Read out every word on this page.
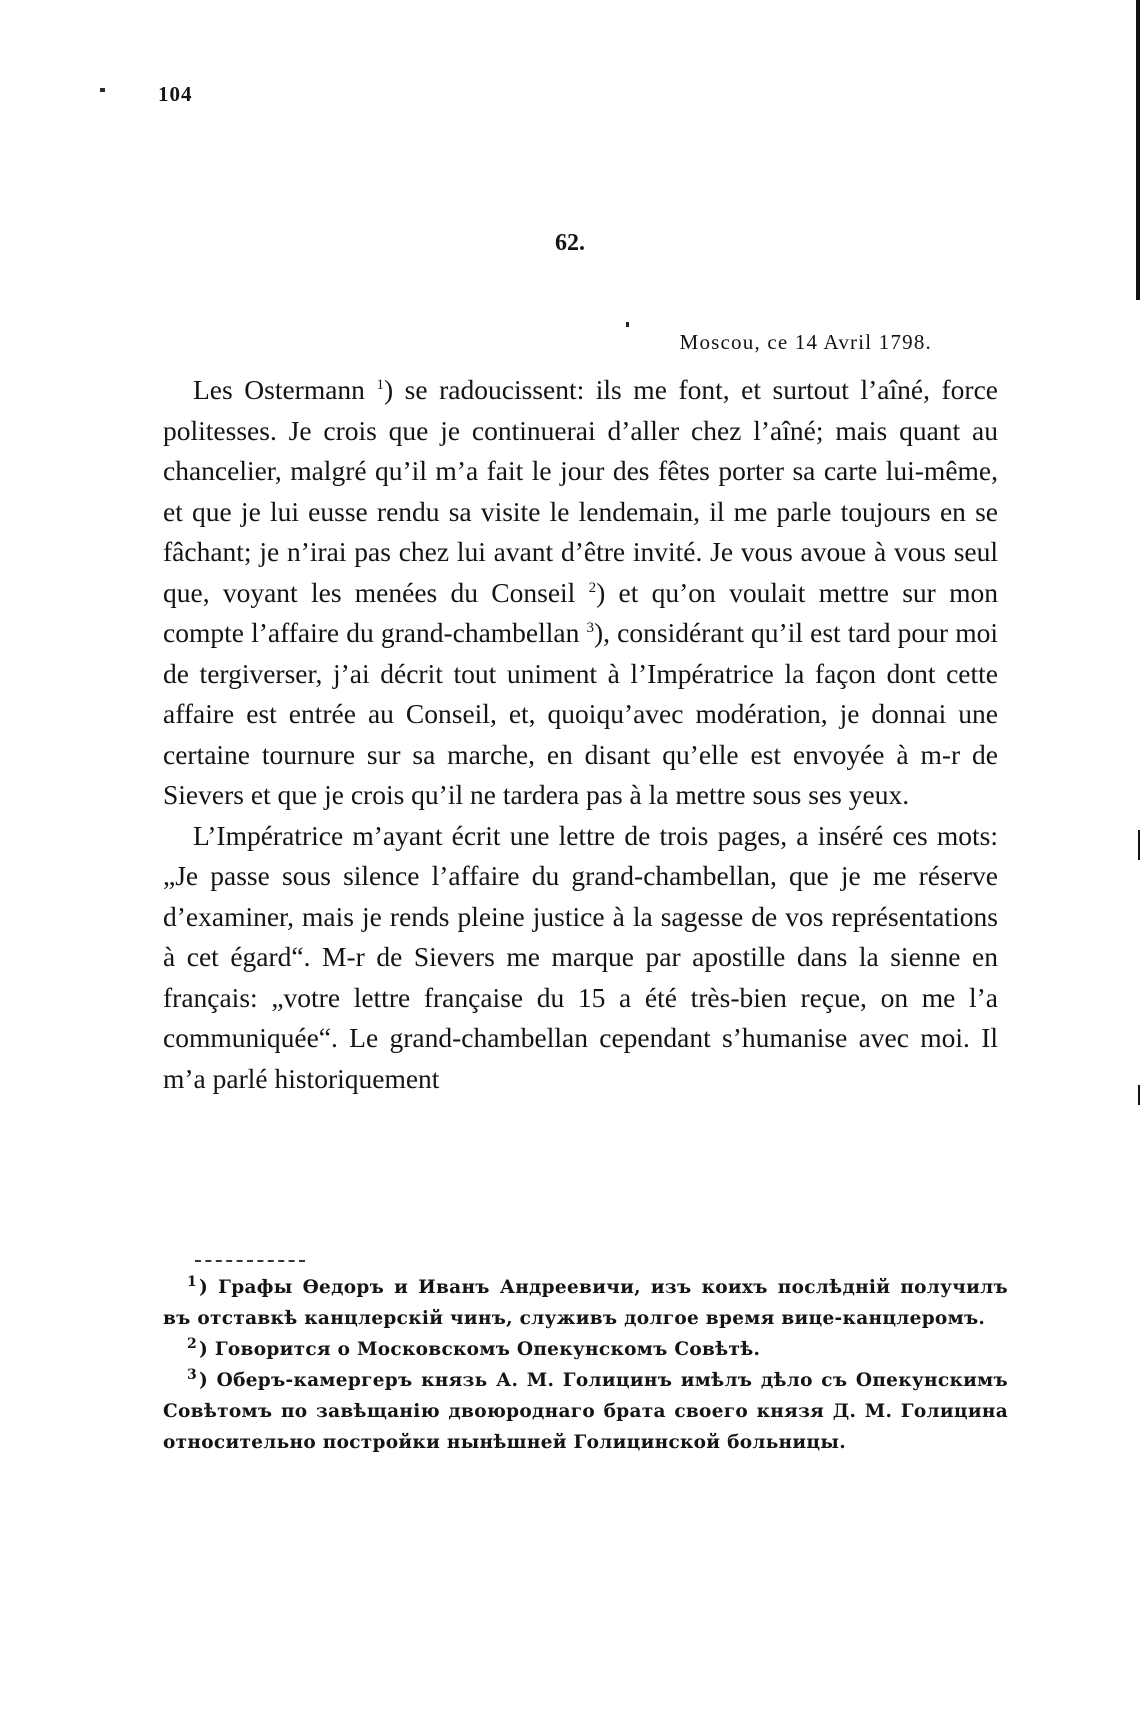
104
62.
Moscou, ce 14 Avril 1798.

Les Ostermann $^1$) se radoucissent: ils me font, et surtout l’aîné, force politesses. Je crois que je continuerai d’aller chez l’aîné; mais quant au chancelier, malgré qu’il m’a fait le jour des fêtes porter sa carte lui-même, et que je lui eusse rendu sa visite le lendemain, il me parle toujours en se fâchant; je n’irai pas chez lui avant d’être invité. Je vous avoue à vous seul que, voyant les menées du Conseil $^2$) et qu’on voulait mettre sur mon compte l’affaire du grand-chambellan $^3$), considérant qu’il est tard pour moi de tergiverser, j’ai décrit tout uniment à l’Impératrice la façon dont cette affaire est entrée au Conseil, et, quoiqu’avec modération, je donnai une certaine tournure sur sa marche, en disant qu’elle est envoyée à m-r de Sievers et que je crois qu’il ne tardera pas à la mettre sous ses yeux.

L’Impératrice m’ayant écrit une lettre de trois pages, a inséré ces mots: „Je passe sous silence l’affaire du grand-chambellan, que je me réserve d’examiner, mais je rends pleine justice à la sagesse de vos représentations à cet égard“. M-r de Sievers me marque par apostille dans la sienne en français: „votre lettre française du 15 a été très-bien reçue, on me l’a communiquée“. Le grand-chambellan cependant s’humanise avec moi. Il m’a parlé historiquement

$^1$ ) Графы Өедоръ и Иванъ Андреевичи, изъ коихъ послѣдній получилъ въ отставкѣ канцлерскій чинъ, служивъ долгое время вице-канцлеромъ.

$^2$ ) Говорится о Московскомъ Опекунскомъ Совѣтѣ.

$^3$ ) Оберъ-камергеръ князь А. М. Голицинъ имѣлъ дѣло съ Опекунскимъ Совѣтомъ по завѣщанію двоюроднаго брата своего князя Д. М. Голицина относительно постройки нынѣшней Голицинской больницы.
